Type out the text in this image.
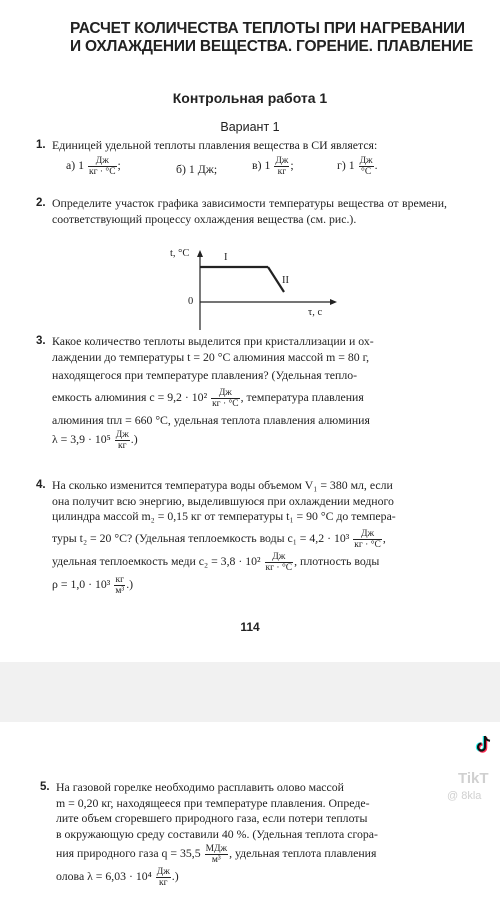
РАСЧЕТ КОЛИЧЕСТВА ТЕПЛОТЫ ПРИ НАГРЕВАНИИ
И ОХЛАЖДЕНИИ ВЕЩЕСТВА. ГОРЕНИЕ. ПЛАВЛЕНИЕ
Контрольная работа 1
Вариант 1
1. Единицей удельной теплоты плавления вещества в СИ является:
а) $1 \frac{Дж}{кг \cdot ^\circ С}$ ;	б) 1 Дж;	в) $1 \frac{Дж}{кг}$ ;	г) $1 \frac{Дж}{^\circ С}$ .
2. Определите участок графика зависимости температуры вещества от времени, соответствующий процессу охлаждения вещества (см. рис.).
t, °C
0
I
II
τ, с
3. Какое количество теплоты выделится при кристаллизации и ох-
лаждении до температуры t = 20 °С алюминия массой m = 80 г,
находящегося при температуре плавления? (Удельная тепло-
емкость алюминия $c = 9,2 \cdot 10^2 \frac{Дж}{кг \cdot ^\circ С}$ , температура плавления
алюминия tпл = 660 °С, удельная теплота плавления алюминия
$\lambda = 3,9 \cdot 10^5 \frac{Дж}{кг}$ .)
4. На сколько изменится температура воды объемом V₁ = 380 мл, если
она получит всю энергию, выделившуюся при охлаждении медного
цилиндра массой m₂ = 0,15 кг от температуры t₁ = 90 °С до темпера-
туры t₂ = 20 °С? (Удельная теплоемкость воды $c_1 = 4,2 \cdot 10^3 \frac{Дж}{кг \cdot ^\circ С}$ ,
удельная теплоемкость меди $c_2 = 3,8 \cdot 10^2 \frac{Дж}{кг \cdot ^\circ С}$ , плотность воды
$\rho = 1,0 \cdot 10^3 \frac{кг}{\text{м³}}$ .)
114
5. На газовой горелке необходимо расплавить олово массой
m = 0,20 кг, находящееся при температуре плавления. Опреде-
лите объем сгоревшего природного газа, если потери теплоты
в окружающую среду составили 40 %. (Удельная теплота сгора-
ния природного газа $q = 35,5 \frac{\text{МДж}}{\text{м³}}$ , удельная теплота плавления
олова $\lambda = 6,03 \cdot 10^4 \frac{Дж}{кг}$ .)
TikT
@ 8kla
